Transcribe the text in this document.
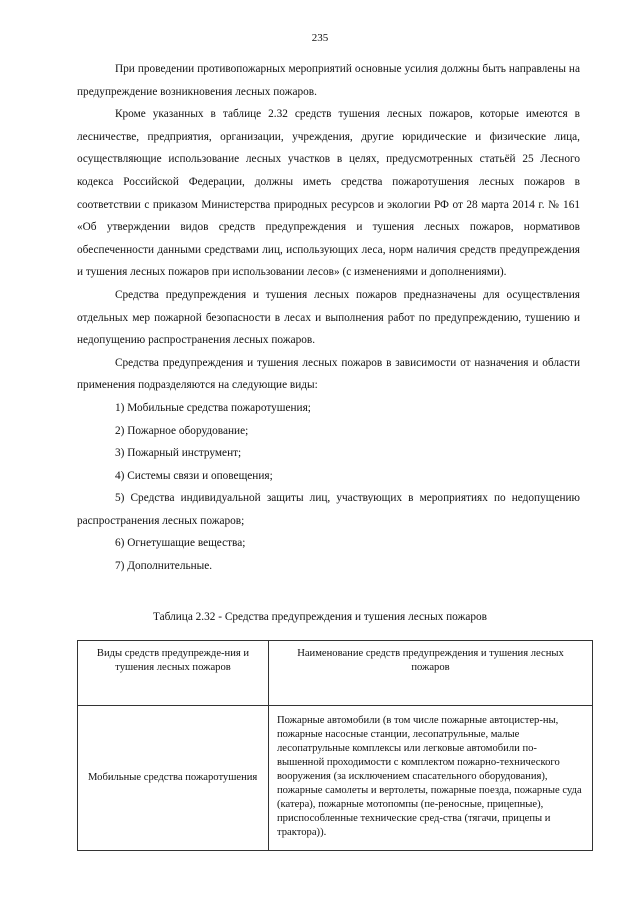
235

При проведении противопожарных мероприятий основные усилия должны быть направлены на предупреждение возникновения лесных пожаров.

Кроме указанных в таблице 2.32 средств тушения лесных пожаров, которые имеются в лесничестве, предприятия, организации, учреждения, другие юридические и физические лица, осуществляющие использование лесных участков в целях, предусмотренных статьёй 25 Лесного кодекса Российской Федерации, должны иметь средства пожаротушения лесных пожаров в соответствии с приказом Министерства природных ресурсов и экологии РФ от 28 марта 2014 г. № 161 «Об утверждении видов средств предупреждения и тушения лесных пожаров, нормативов обеспеченности данными средствами лиц, использующих леса, норм наличия средств предупреждения и тушения лесных пожаров при использовании лесов» (с изменениями и дополнениями).

Средства предупреждения и тушения лесных пожаров предназначены для осуществления отдельных мер пожарной безопасности в лесах и выполнения работ по предупреждению, тушению и недопущению распространения лесных пожаров.

Средства предупреждения и тушения лесных пожаров в зависимости от назначения и области применения подразделяются на следующие виды:

1) Мобильные средства пожаротушения;

2) Пожарное оборудование;

3) Пожарный инструмент;

4) Системы связи и оповещения;

5) Средства индивидуальной защиты лиц, участвующих в мероприятиях по недопущению распространения лесных пожаров;

6) Огнетушащие вещества;

7) Дополнительные.

Таблица 2.32 - Средства предупреждения и тушения лесных пожаров
Виды средств предупрежде-ния и тушения лесных пожаров	Наименование средств предупреждения и тушения лесных пожаров
Мобильные средства пожаротушения	Пожарные автомобили (в том числе пожарные автоцистер-ны, пожарные насосные станции, лесопатрульные, малые лесопатрульные комплексы или легковые автомобили по-вышенной проходимости с комплектом пожарно-технического вооружения (за исключением спасательного оборудования), пожарные самолеты и вертолеты, пожарные поезда, пожарные суда (катера), пожарные мотопомпы (пе-реносные, прицепные), приспособленные технические сред-ства (тягачи, прицепы и трактора)).
